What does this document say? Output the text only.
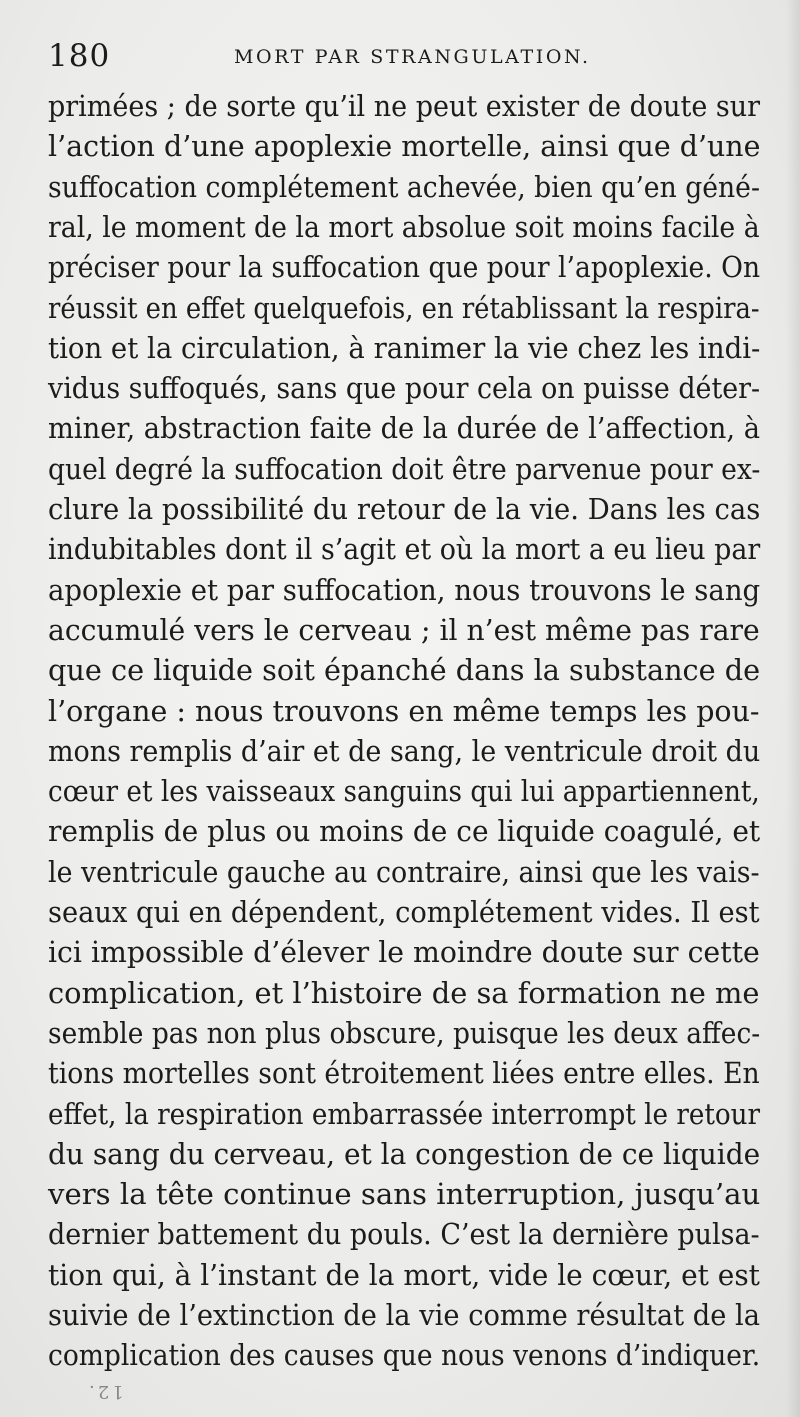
180	MORT PAR STRANGULATION.
primées ; de sorte qu’il ne peut exister de doute sur
l’action d’une apoplexie mortelle, ainsi que d’une
suffocation complétement achevée, bien qu’en géné-
ral, le moment de la mort absolue soit moins facile à
préciser pour la suffocation que pour l’apoplexie. On
réussit en effet quelquefois, en rétablissant la respira-
tion et la circulation, à ranimer la vie chez les indi-
vidus suffoqués, sans que pour cela on puisse déter-
miner, abstraction faite de la durée de l’affection, à
quel degré la suffocation doit être parvenue pour ex-
clure la possibilité du retour de la vie. Dans les cas
indubitables dont il s’agit et où la mort a eu lieu par
apoplexie et par suffocation, nous trouvons le sang
accumulé vers le cerveau ; il n’est même pas rare
que ce liquide soit épanché dans la substance de
l’organe : nous trouvons en même temps les pou-
mons remplis d’air et de sang, le ventricule droit du
cœur et les vaisseaux sanguins qui lui appartiennent,
remplis de plus ou moins de ce liquide coagulé, et
le ventricule gauche au contraire, ainsi que les vais-
seaux qui en dépendent, complétement vides. Il est
ici impossible d’élever le moindre doute sur cette
complication, et l’histoire de sa formation ne me
semble pas non plus obscure, puisque les deux affec-
tions mortelles sont étroitement liées entre elles. En
effet, la respiration embarrassée interrompt le retour
du sang du cerveau, et la congestion de ce liquide
vers la tête continue sans interruption, jusqu’au
dernier battement du pouls. C’est la dernière pulsa-
tion qui, à l’instant de la mort, vide le cœur, et est
suivie de l’extinction de la vie comme résultat de la
complication des causes que nous venons d’indiquer.
12.
